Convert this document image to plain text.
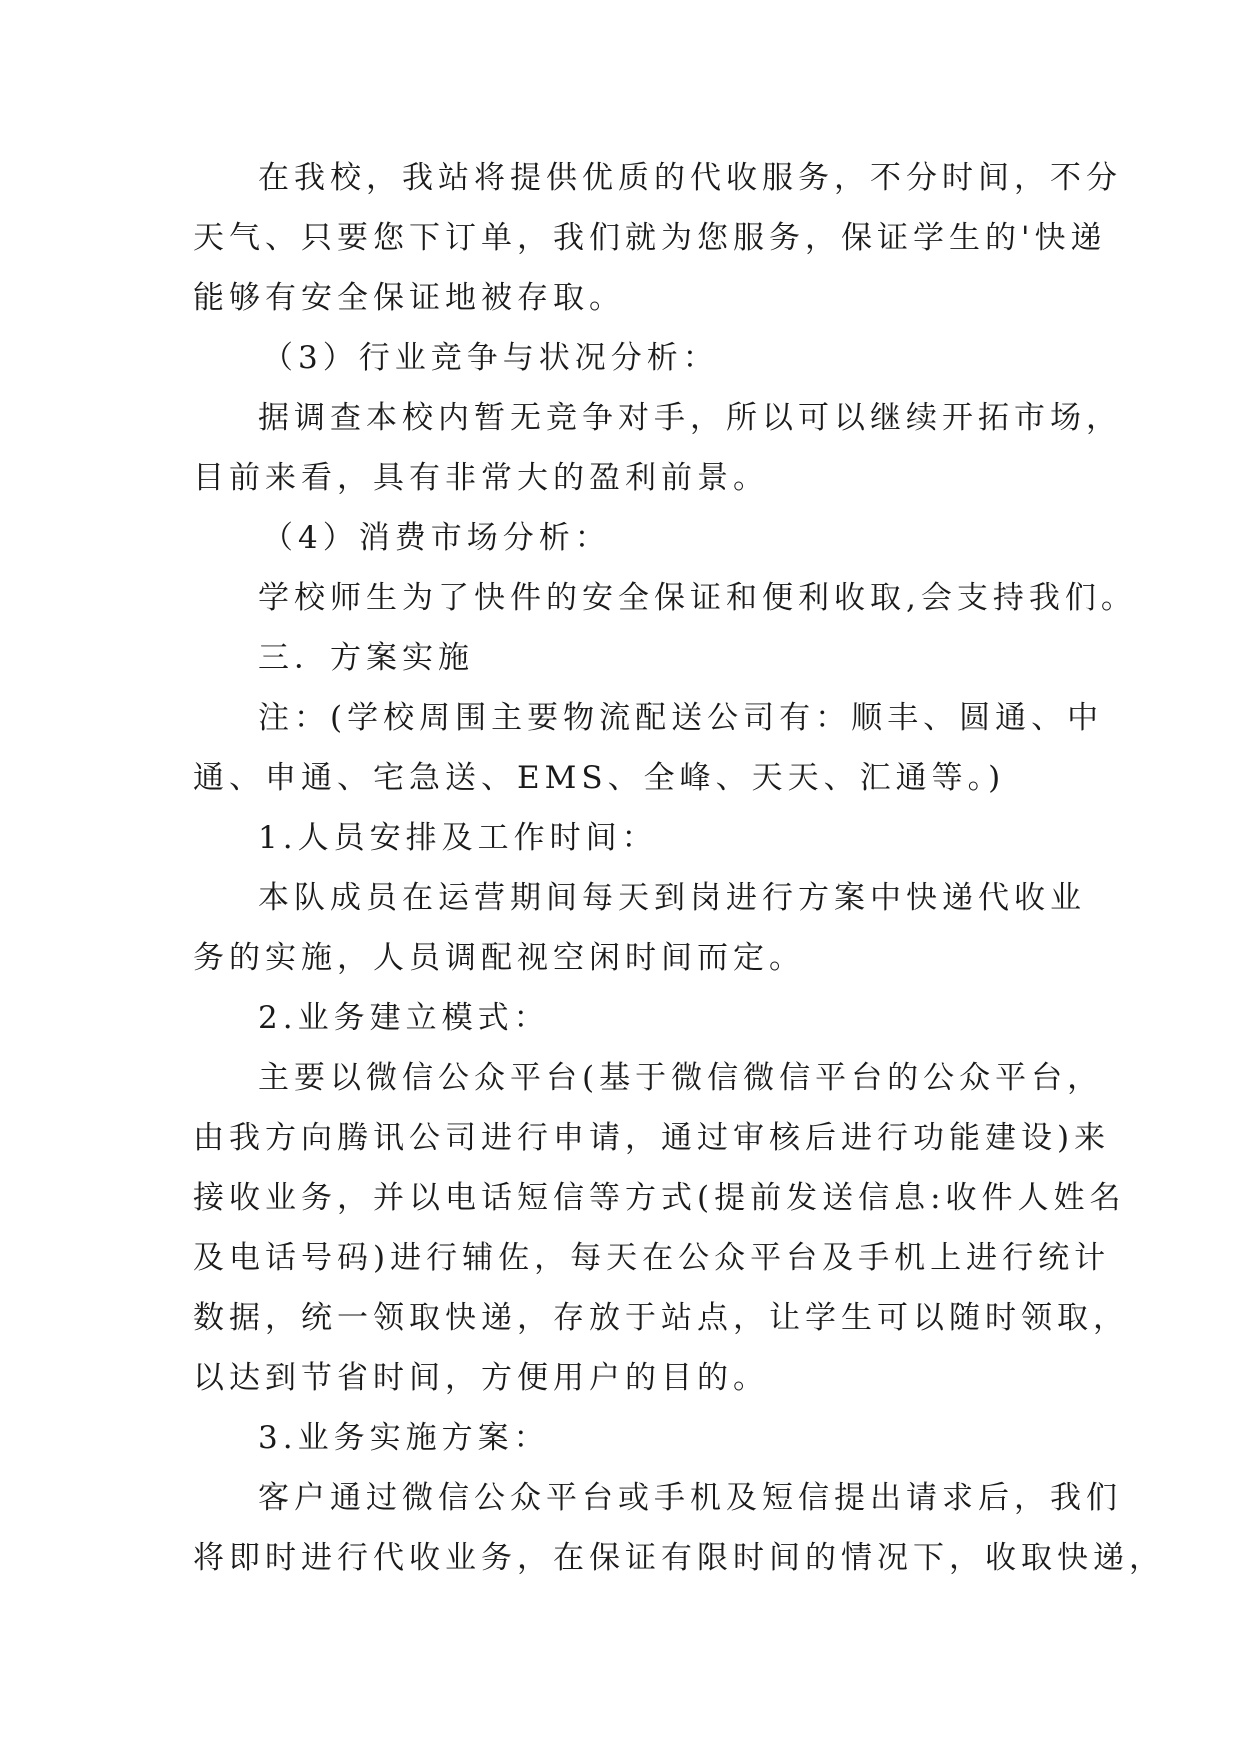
在我校，我站将提供优质的代收服务，不分时间，不分
天气、只要您下订单，我们就为您服务，保证学生的'快递
能够有安全保证地被存取。
（3）行业竞争与状况分析：
据调查本校内暂无竞争对手，所以可以继续开拓市场，
目前来看，具有非常大的盈利前景。
（4）消费市场分析：
学校师生为了快件的安全保证和便利收取,会支持我们。
三．方案实施
注：(学校周围主要物流配送公司有：顺丰、圆通、中
通、申通、宅急送、EMS、全峰、天天、汇通等。)
1.人员安排及工作时间：
本队成员在运营期间每天到岗进行方案中快递代收业
务的实施，人员调配视空闲时间而定。
2.业务建立模式：
主要以微信公众平台(基于微信微信平台的公众平台，
由我方向腾讯公司进行申请，通过审核后进行功能建设)来
接收业务，并以电话短信等方式(提前发送信息:收件人姓名
及电话号码)进行辅佐，每天在公众平台及手机上进行统计
数据，统一领取快递，存放于站点，让学生可以随时领取，
以达到节省时间，方便用户的目的。
3.业务实施方案：
客户通过微信公众平台或手机及短信提出请求后，我们
将即时进行代收业务，在保证有限时间的情况下，收取快递，
